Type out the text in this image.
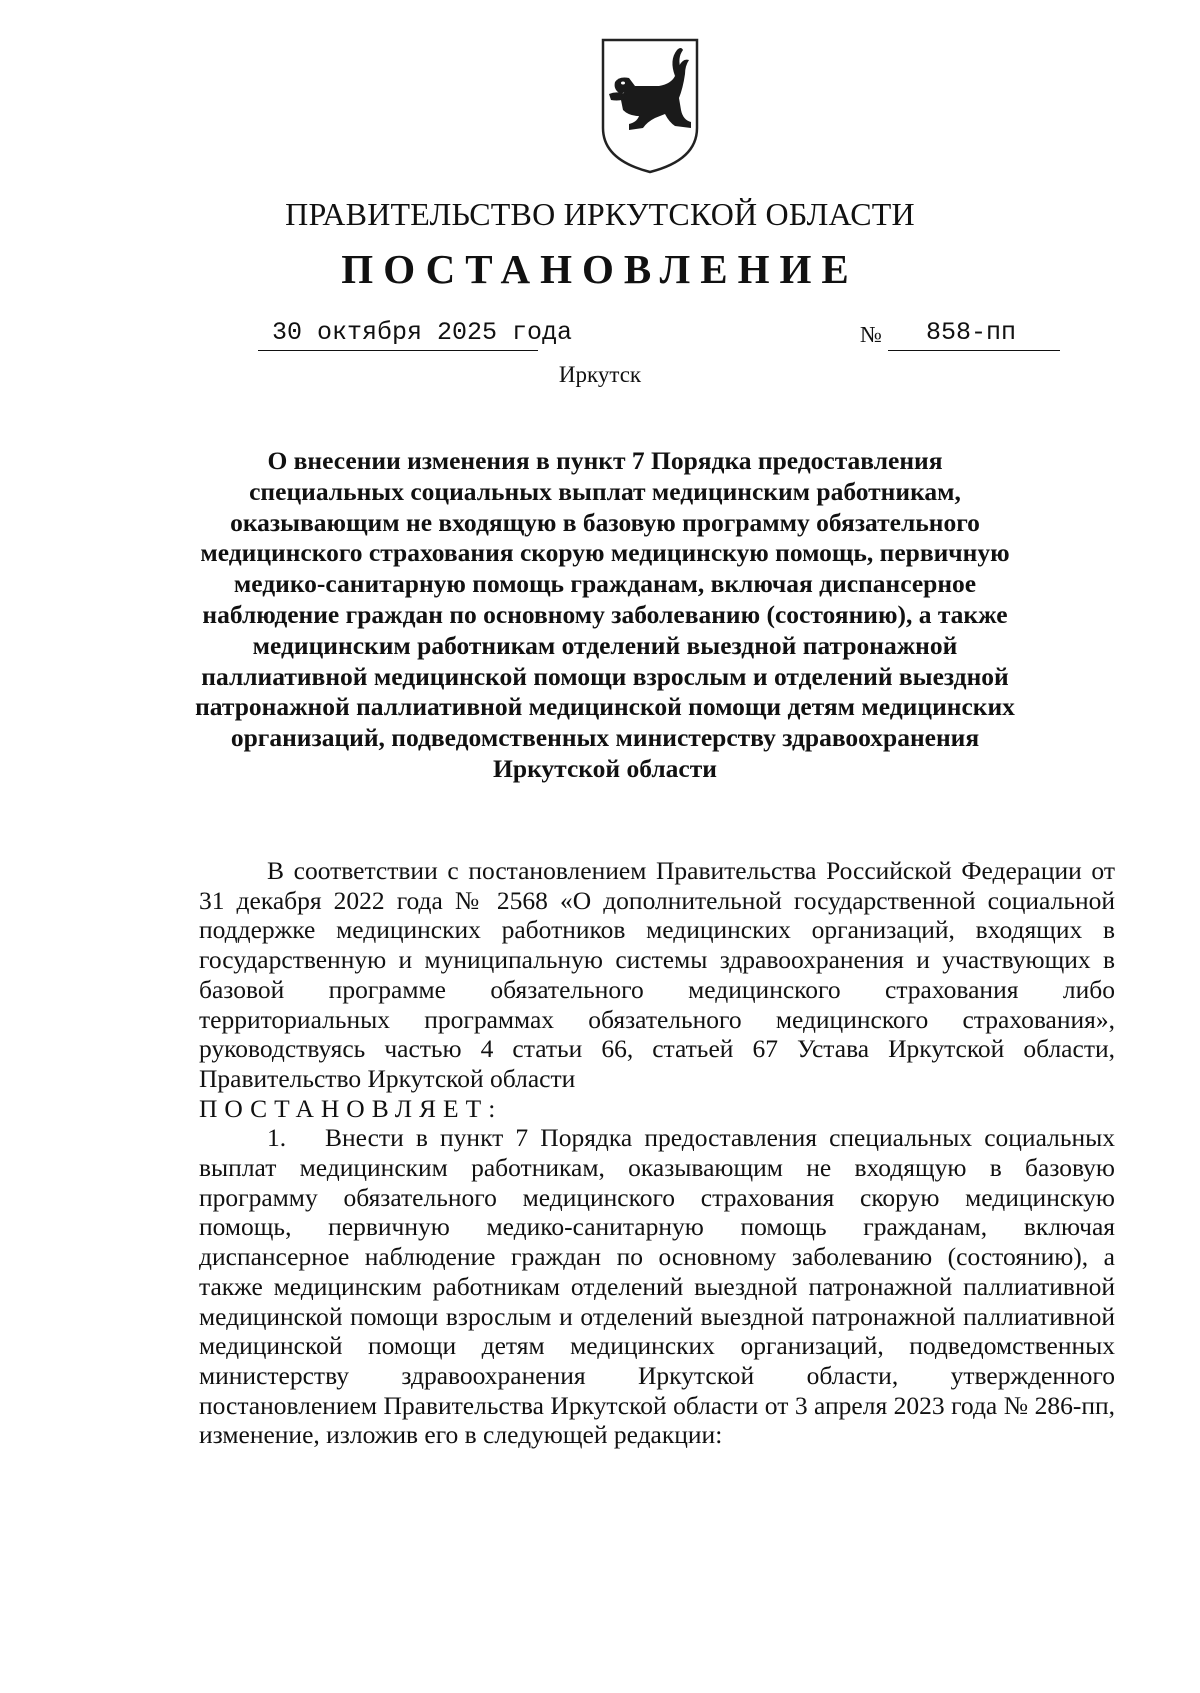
ПРАВИТЕЛЬСТВО ИРКУТСКОЙ ОБЛАСТИ
ПОСТАНОВЛЕНИЕ
30 октября 2025 года	№ 858-пп
Иркутск
О внесении изменения в пункт 7 Порядка предоставления
специальных социальных выплат медицинским работникам,
оказывающим не входящую в базовую программу обязательного
медицинского страхования скорую медицинскую помощь, первичную
медико-санитарную помощь гражданам, включая диспансерное
наблюдение граждан по основному заболеванию (состоянию), а также
медицинским работникам отделений выездной патронажной
паллиативной медицинской помощи взрослым и отделений выездной
патронажной паллиативной медицинской помощи детям медицинских
организаций, подведомственных министерству здравоохранения
Иркутской области

В соответствии с постановлением Правительства Российской Федерации от 31 декабря 2022 года № 2568 «О дополнительной государственной социальной поддержке медицинских работников медицинских организаций, входящих в государственную и муниципальную системы здравоохранения и участвующих в базовой программе обязательного медицинского страхования либо территориальных программах обязательного медицинского страхования», руководствуясь частью 4 статьи 66, статьей 67 Устава Иркутской области, Правительство Иркутской области

ПОСТАНОВЛЯЕТ:

1. Внести в пункт 7 Порядка предоставления специальных социальных выплат медицинским работникам, оказывающим не входящую в базовую программу обязательного медицинского страхования скорую медицинскую помощь, первичную медико-санитарную помощь гражданам, включая диспансерное наблюдение граждан по основному заболеванию (состоянию), а также медицинским работникам отделений выездной патронажной паллиативной медицинской помощи взрослым и отделений выездной патронажной паллиативной медицинской помощи детям медицинских организаций, подведомственных министерству здравоохранения Иркутской области, утвержденного постановлением Правительства Иркутской области от 3 апреля 2023 года № 286-пп, изменение, изложив его в следующей редакции:
